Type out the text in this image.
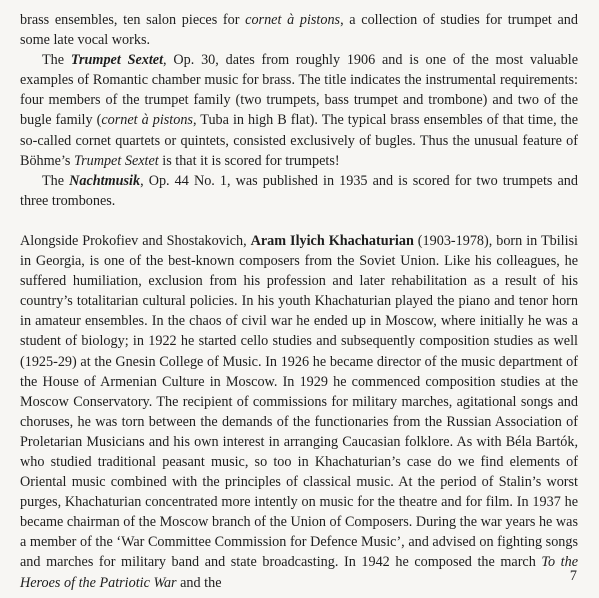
brass ensembles, ten salon pieces for cornet à pistons, a collection of studies for trumpet and some late vocal works.

The Trumpet Sextet, Op. 30, dates from roughly 1906 and is one of the most valuable examples of Romantic chamber music for brass. The title indicates the instrumental requirements: four members of the trumpet family (two trumpets, bass trumpet and trombone) and two of the bugle family (cornet à pistons, Tuba in high B flat). The typical brass ensembles of that time, the so-called cornet quartets or quintets, consisted exclusively of bugles. Thus the unusual feature of Böhme’s Trumpet Sextet is that it is scored for trumpets!

The Nachtmusik, Op. 44 No. 1, was published in 1935 and is scored for two trumpets and three trombones.

Alongside Prokofiev and Shostakovich, Aram Ilyich Khachaturian (1903-1978), born in Tbilisi in Georgia, is one of the best-known composers from the Soviet Union. Like his colleagues, he suffered humiliation, exclusion from his profession and later rehabilitation as a result of his country’s totalitarian cultural policies. In his youth Khachaturian played the piano and tenor horn in amateur ensembles. In the chaos of civil war he ended up in Moscow, where initially he was a student of biology; in 1922 he started cello studies and subsequently composition studies as well (1925-29) at the Gnesin College of Music. In 1926 he became director of the music department of the House of Armenian Culture in Moscow. In 1929 he commenced composition studies at the Moscow Conservatory. The recipient of commissions for military marches, agitational songs and choruses, he was torn between the demands of the functionaries from the Russian Association of Proletarian Musicians and his own interest in arranging Caucasian folklore. As with Béla Bartók, who studied traditional peasant music, so too in Khachaturian’s case do we find elements of Oriental music combined with the principles of classical music. At the period of Stalin’s worst purges, Khachaturian concentrated more intently on music for the theatre and for film. In 1937 he became chairman of the Moscow branch of the Union of Composers. During the war years he was a member of the ‘War Committee Commission for Defence Music’, and advised on fighting songs and marches for military band and state broadcasting. In 1942 he composed the march To the Heroes of the Patriotic War and the	7
